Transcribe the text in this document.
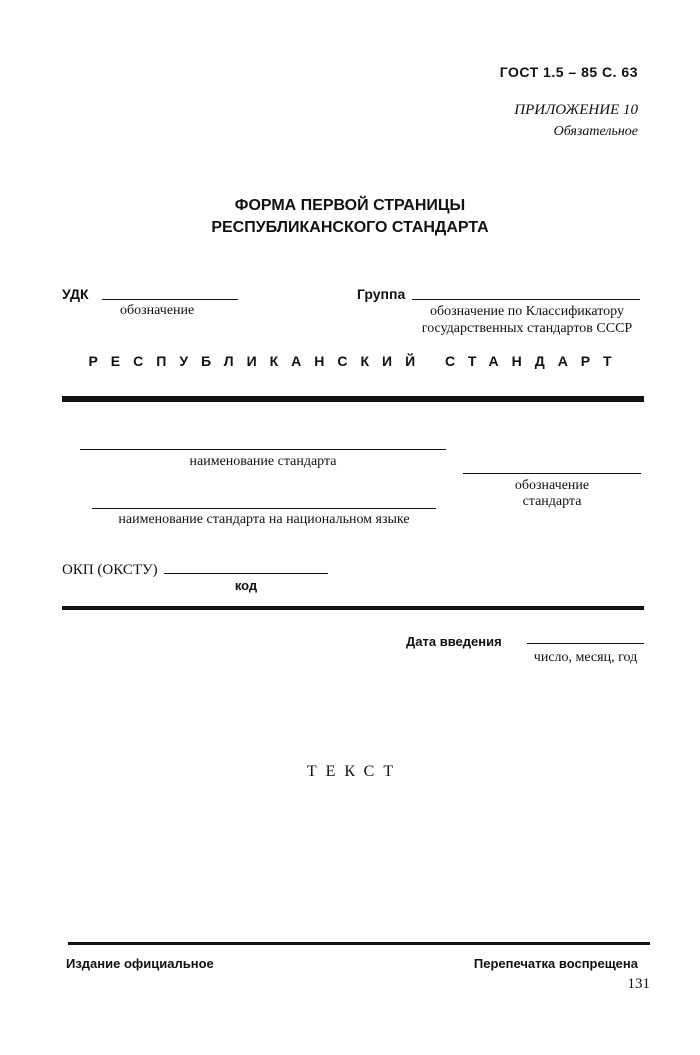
ГОСТ 1.5 – 85 С. 63
ПРИЛОЖЕНИЕ 10
Обязательное
ФОРМА ПЕРВОЙ СТРАНИЦЫ
РЕСПУБЛИКАНСКОГО СТАНДАРТА
УДК
обозначение
Группа
обозначение по Классификатору
государственных стандартов СССР
РЕСПУБЛИКАНСКИЙ СТАНДАРТ
наименование стандарта
обозначение
стандарта
наименование стандарта на национальном языке
ОКП (ОКСТУ)
код
Дата введения
число, месяц, год
ТЕКСТ
Издание официальное	Перепечатка воспрещена
131
